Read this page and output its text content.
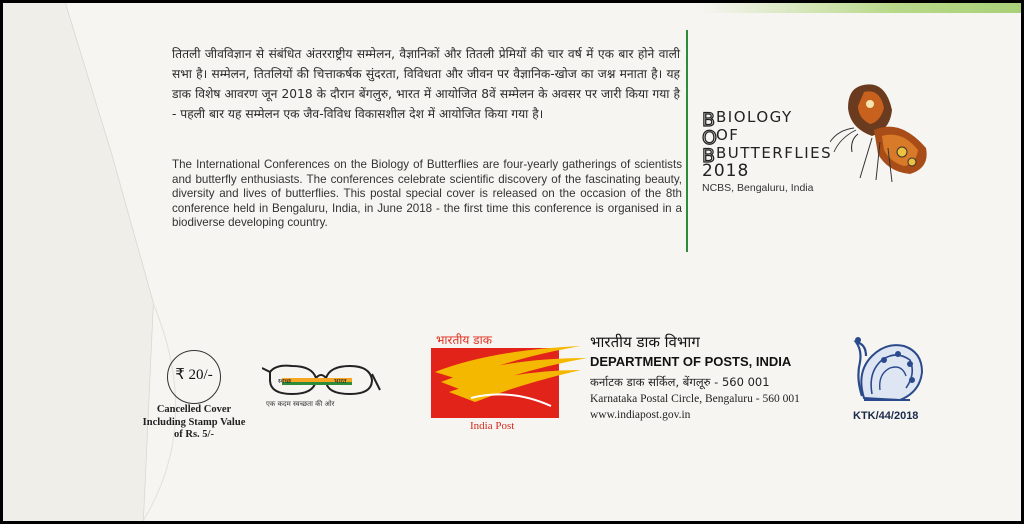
तितली जीवविज्ञान से संबंधित अंतरराष्ट्रीय सम्मेलन, वैज्ञानिकों और तितली प्रेमियों की चार वर्ष में एक बार होने वाली सभा है। सम्मेलन, तितलियों की चित्ताकर्षक सुंदरता, विविधता और जीवन पर वैज्ञानिक-खोज का जश्न मनाता है। यह डाक विशेष आवरण जून 2018 के दौरान बेंगलुरु, भारत में आयोजित 8वें सम्मेलन के अवसर पर जारी किया गया है - पहली बार यह सम्मेलन एक जैव-विविध विकासशील देश में आयोजित किया गया है।

The International Conferences on the Biology of Butterflies are four-yearly gatherings of scientists and butterfly enthusiasts. The conferences celebrate scientific discovery of the fascinating beauty, diversity and lives of butterflies. This postal special cover is released on the occasion of the 8th conference held in Bengaluru, India, in June 2018 - the first time this conference is organised in a biodiverse developing country.

B
O
B
BIOLOGY
OF
BUTTERFLIES
2018
NCBS, Bengaluru, India
₹ 20/-

Cancelled Cover
Including Stamp Value
of Rs. 5/-

स्वच्छ	भारत
एक कदम स्वच्छता की ओर
भारतीय डाक
India Post
भारतीय डाक विभाग
DEPARTMENT OF POSTS, INDIA
कर्नाटक डाक सर्किल, बेंगलूरु - 560 001
Karnataka Postal Circle, Bengaluru - 560 001
www.indiapost.gov.in	KTK/44/2018
